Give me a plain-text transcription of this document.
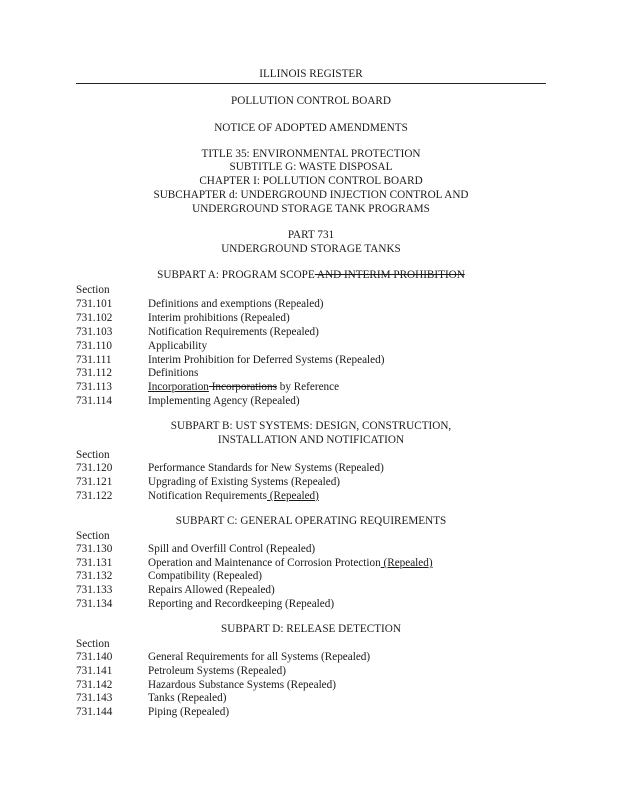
ILLINOIS REGISTER
POLLUTION CONTROL BOARD
NOTICE OF ADOPTED AMENDMENTS
TITLE 35: ENVIRONMENTAL PROTECTION
SUBTITLE G: WASTE DISPOSAL
CHAPTER I: POLLUTION CONTROL BOARD
SUBCHAPTER d: UNDERGROUND INJECTION CONTROL AND
UNDERGROUND STORAGE TANK PROGRAMS
PART 731
UNDERGROUND STORAGE TANKS
SUBPART A: PROGRAM SCOPE AND INTERIM PROHIBITION
Section
731.101	Definitions and exemptions (Repealed)
731.102	Interim prohibitions (Repealed)
731.103	Notification Requirements (Repealed)
731.110	Applicability
731.111	Interim Prohibition for Deferred Systems (Repealed)
731.112	Definitions
731.113	Incorporation Incorporations by Reference
731.114	Implementing Agency (Repealed)
SUBPART B: UST SYSTEMS: DESIGN, CONSTRUCTION,
INSTALLATION AND NOTIFICATION
Section
731.120	Performance Standards for New Systems (Repealed)
731.121	Upgrading of Existing Systems (Repealed)
731.122	Notification Requirements (Repealed)
SUBPART C: GENERAL OPERATING REQUIREMENTS
Section
731.130	Spill and Overfill Control (Repealed)
731.131	Operation and Maintenance of Corrosion Protection (Repealed)
731.132	Compatibility (Repealed)
731.133	Repairs Allowed (Repealed)
731.134	Reporting and Recordkeeping (Repealed)
SUBPART D: RELEASE DETECTION
Section
731.140	General Requirements for all Systems (Repealed)
731.141	Petroleum Systems (Repealed)
731.142	Hazardous Substance Systems (Repealed)
731.143	Tanks (Repealed)
731.144	Piping (Repealed)
